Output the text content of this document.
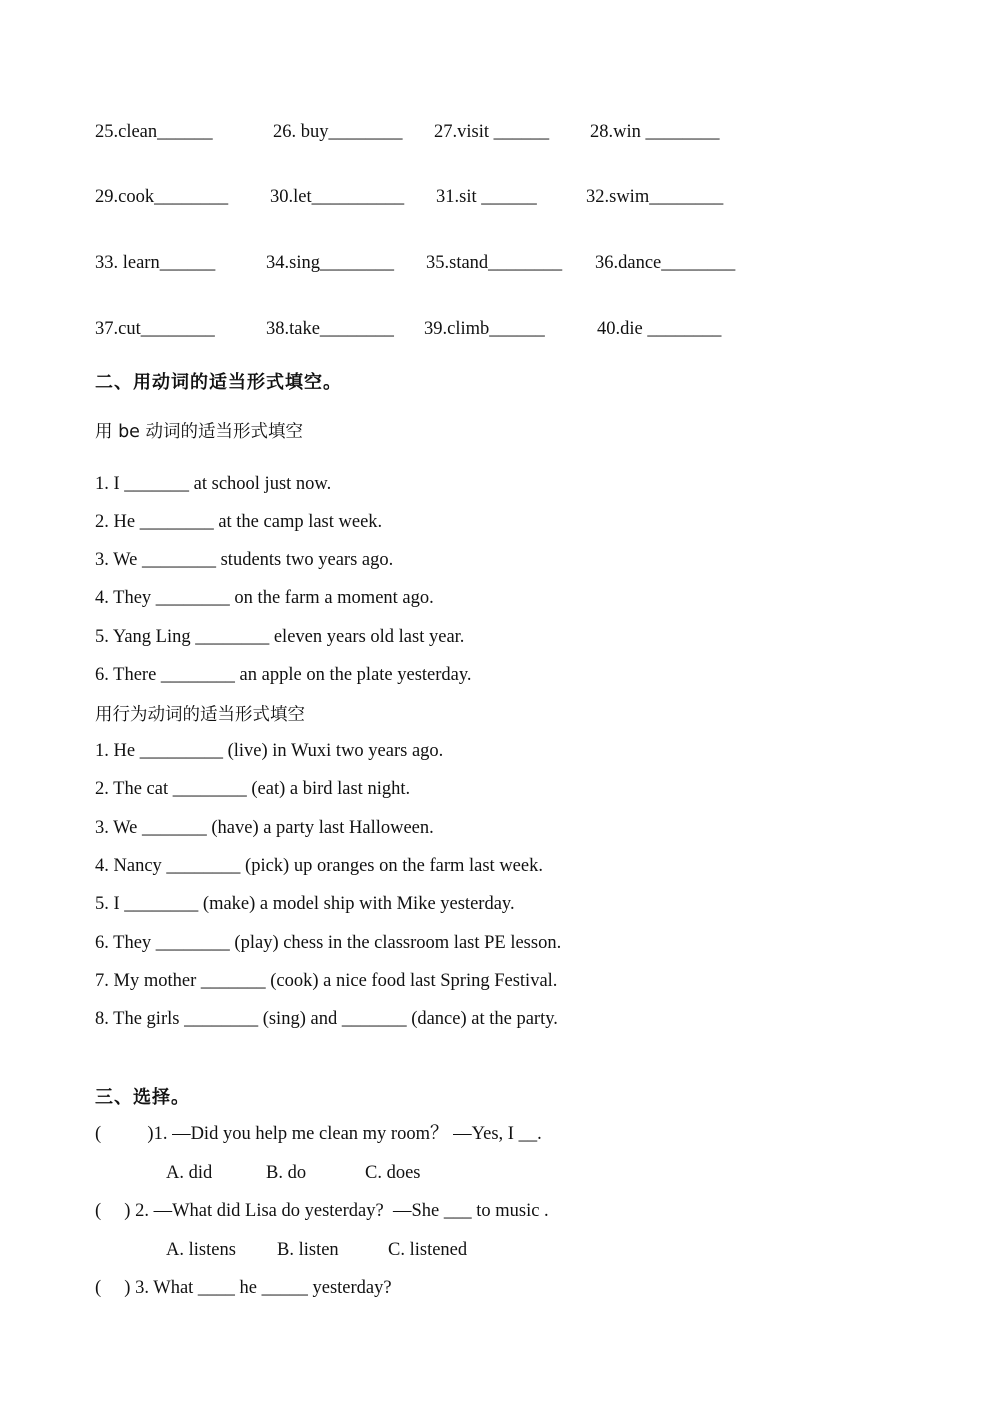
25.clean______	26. buy________ 27.visit ______ 28.win ________
29.cook________ 30.let__________ 31.sit ______	32.swim________
33. learn______	34.sing________ 35.stand________ 36.dance________
37.cut________	38.take________ 39.climb______	40.die ________
二、用动词的适当形式填空。
用 be 动词的适当形式填空
1. I _______ at school just now.
2. He ________ at the camp last week.
3. We ________ students two years ago.
4. They ________ on the farm a moment ago.
5. Yang Ling ________ eleven years old last year.
6. There ________ an apple on the plate yesterday.
用行为动词的适当形式填空
1. He _________ (live) in Wuxi two years ago.
2. The cat ________ (eat) a bird last night.
3. We _______ (have) a party last Halloween.
4. Nancy ________ (pick) up oranges on the farm last week.
5. I ________ (make) a model ship with Mike yesterday.
6. They ________ (play) chess in the classroom last PE lesson.
7. My mother _______ (cook) a nice food last Spring Festival.
8. The girls ________ (sing) and _______ (dance) at the party.
三、选择。
(          )1. —Did you help me clean my room？ —Yes, I __.
A. did	B. do	C. does
(     ) 2. —What did Lisa do yesterday?  —She ___ to music .
A. listens B. listen	C. listened
(     ) 3. What ____ he _____ yesterday?
